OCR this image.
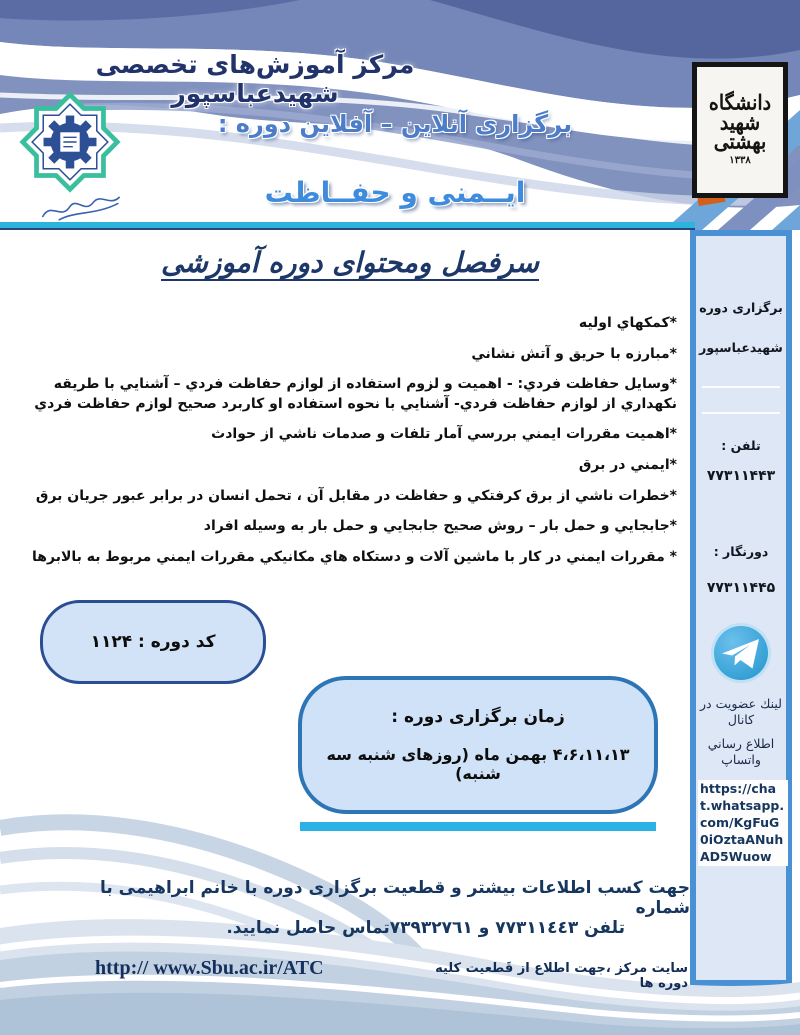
دانشگاه
شهید
بهشتی
۱۳۳۸
مرکز آموزش‌های تخصصی شهیدعباسپور
برگزاری آنلاین – آفلاین دوره :
ایــمنی و حفــاظت
برگزاری دوره
شهیدعباسپور
تلفن :
۷۷۳۱۱۴۴۳
دورنگار :
۷۷۳۱۱۴۴۵
لینك عضویت در كانال
اطلاع رساني واتساپ
https://chat.whatsapp.com/KgFuG0iOztaANuhAD5Wuow
سرفصل ومحتوای دوره آموزشی
*كمكهاي اوليه
*مبارزه با حريق و آتش نشاني
*وسايل حفاظت فردي: - اهميت و لزوم استفاده از لوازم حفاظت فردي – آشنايي با طريقه نكهداري از لوازم حفاظت فردي- آشنايي با نحوه استفاده او كاربرد صحيح لوازم حفاظت فردي
*اهميت مقررات ايمني بررسي آمار تلفات و صدمات ناشي از حوادث
*ايمني در برق
*خطرات ناشي از برق كرفتكي و حفاظت در مقابل آن ، تحمل انسان در برابر عبور جريان برق
*جابجايي و حمل بار – روش صحيح جابجايي و حمل بار به وسيله افراد
* مقررات ايمني در كار با ماشين آلات و دستكاه هاي مكانيكي مقررات ايمني مربوط به بالابرها
کد دوره : ۱۱۲۴
زمان برگزاری دوره :
۴،۶،۱۱،۱۳ بهمن ماه (روزهای شنبه سه شنبه)
جهت کسب اطلاعات بیشتر و قطعیت برگزاری دوره با خانم ابراهیمی با شماره
تلفن ٧٧٣١١٤٤٣ و ٧٣٩٣٢٧٦١تماس حاصل نمایید.
http:// www.Sbu.ac.ir/ATC	سایت مرکز ،جهت اطلاع از قَطعیت کلیه دوره ها
